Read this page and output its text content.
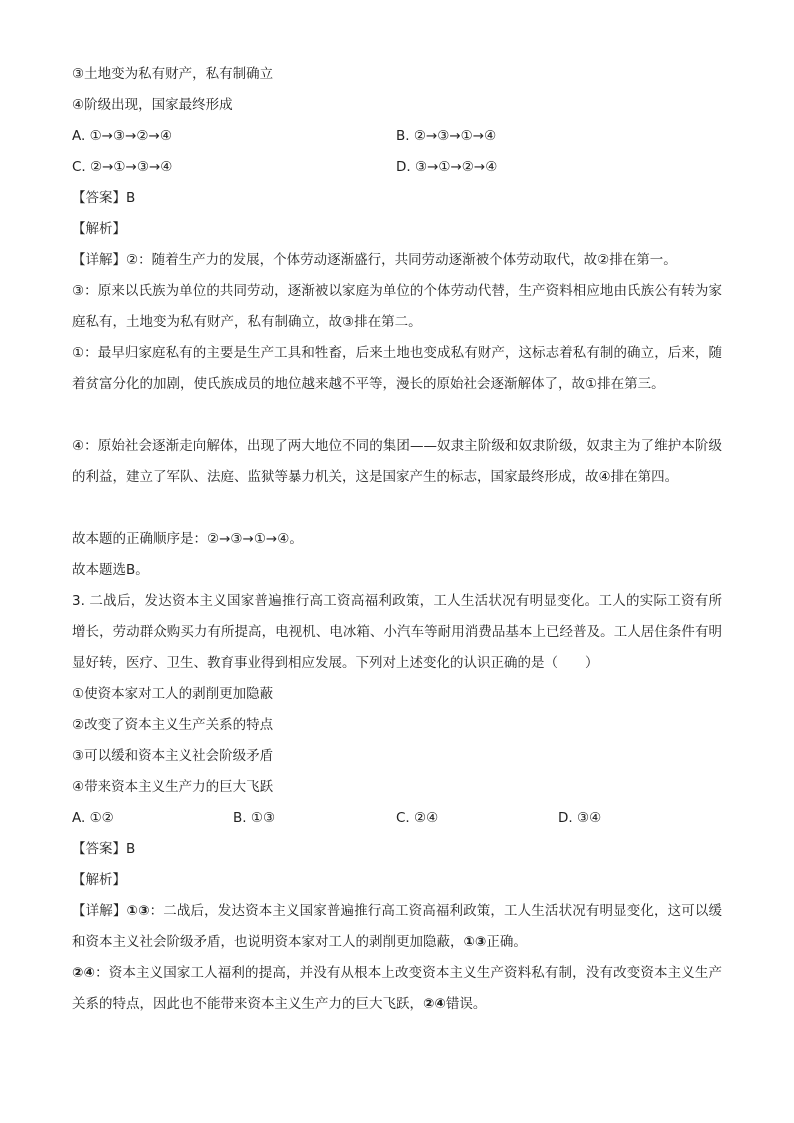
③土地变为私有财产，私有制确立
④阶级出现，国家最终形成
A. ①→③→②→④	B. ②→③→①→④
C. ②→①→③→④	D. ③→①→②→④
【答案】B
【解析】
【详解】②：随着生产力的发展，个体劳动逐渐盛行，共同劳动逐渐被个体劳动取代，故②排在第一。
③：原来以氏族为单位的共同劳动，逐渐被以家庭为单位的个体劳动代替，生产资料相应地由氏族公有转为家庭私有，土地变为私有财产，私有制确立，故③排在第二。
①：最早归家庭私有的主要是生产工具和牲畜，后来土地也变成私有财产，这标志着私有制的确立，后来，随着贫富分化的加剧，使氏族成员的地位越来越不平等，漫长的原始社会逐渐解体了，故①排在第三。
④：原始社会逐渐走向解体，出现了两大地位不同的集团——奴隶主阶级和奴隶阶级，奴隶主为了维护本阶级的利益，建立了军队、法庭、监狱等暴力机关，这是国家产生的标志，国家最终形成，故④排在第四。
故本题的正确顺序是：②→③→①→④。
故本题选B。
3. 二战后，发达资本主义国家普遍推行高工资高福利政策，工人生活状况有明显变化。工人的实际工资有所增长，劳动群众购买力有所提高，电视机、电冰箱、小汽车等耐用消费品基本上已经普及。工人居住条件有明显好转，医疗、卫生、教育事业得到相应发展。下列对上述变化的认识正确的是（　　）
①使资本家对工人的剥削更加隐蔽
②改变了资本主义生产关系的特点
③可以缓和资本主义社会阶级矛盾
④带来资本主义生产力的巨大飞跃
A. ①②	B. ①③	C. ②④	D. ③④
【答案】B
【解析】
【详解】①③：二战后，发达资本主义国家普遍推行高工资高福利政策，工人生活状况有明显变化，这可以缓和资本主义社会阶级矛盾，也说明资本家对工人的剥削更加隐蔽，①③正确。
②④：资本主义国家工人福利的提高，并没有从根本上改变资本主义生产资料私有制，没有改变资本主义生产关系的特点，因此也不能带来资本主义生产力的巨大飞跃，②④错误。
